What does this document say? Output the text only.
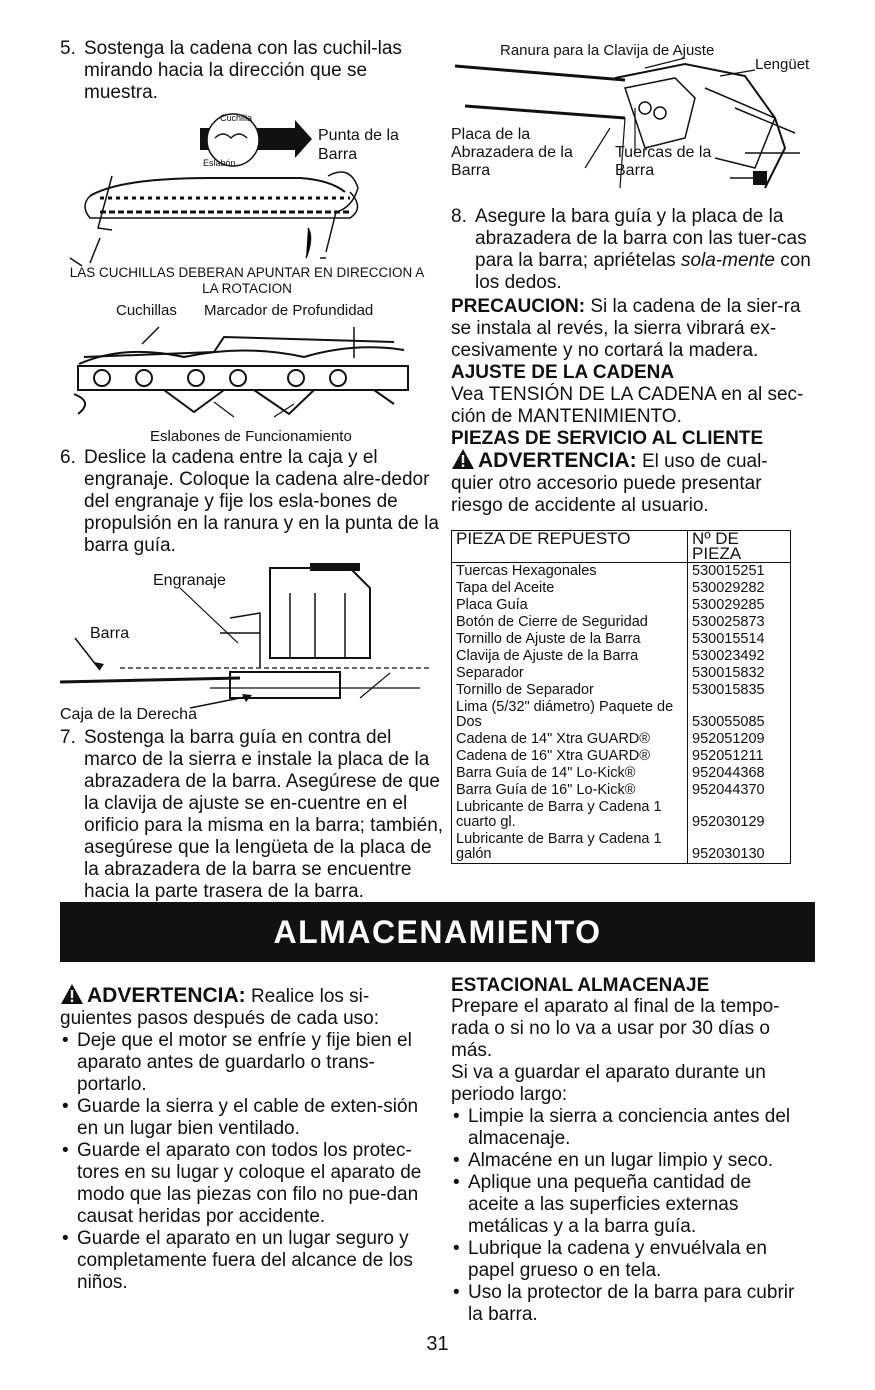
5. Sostenga la cadena con las cuchil-las mirando hacia la dirección que se muestra.
Cuchilla
Eslabón
Punta de la Barra
LAS CUCHILLAS DEBERAN APUNTAR EN DIRECCION A LA ROTACION
Cuchillas Marcador de Profundidad
Eslabones de Funcionamiento
6. Deslice la cadena entre la caja y el engranaje. Coloque la cadena alre-dedor del engranaje y fije los esla-bones de propulsión en la ranura y en la punta de la barra guía.
Engranaje
Barra
Caja de la Derecha
7. Sostenga la barra guía en contra del marco de la sierra e instale la placa de la abrazadera de la barra. Asegúrese de que la clavija de ajuste se en-cuentre en el orificio para la misma en la barra; también, asegúrese que la lengüeta de la placa de la abrazadera de la barra se encuentre hacia la parte trasera de la barra.
Ranura para la Clavija de Ajuste
Lengüet
Placa de la Abrazadera de la Barra
Tuercas de la Barra
8. Asegure la bara guía y la placa de la abrazadera de la barra con las tuer-cas para la barra; apriételas sola-mente con los dedos.
PRECAUCION: Si la cadena de la sier-ra se instala al revés, la sierra vibrará ex-cesivamente y no cortará la madera.
AJUSTE DE LA CADENA
Vea TENSIÓN DE LA CADENA en al sec-ción de MANTENIMIENTO.
PIEZAS DE SERVICIO AL CLIENTE
ADVERTENCIA: El uso de cual-quier otro accesorio puede presentar riesgo de accidente al usuario.
PIEZA DE REPUESTO	Nº DE PIEZA
Tuercas Hexagonales	530015251
Tapa del Aceite	530029282
Placa Guía	530029285
Botón de Cierre de Seguridad	530025873
Tornillo de Ajuste de la Barra	530015514
Clavija de Ajuste de la Barra	530023492
Separador	530015832
Tornillo de Separador	530015835
Lima (5/32" diámetro) Paquete de Dos	530055085
Cadena de 14" Xtra GUARD®	952051209
Cadena de 16" Xtra GUARD®	952051211
Barra Guía de 14" Lo-Kick®	952044368
Barra Guía de 16" Lo-Kick®	952044370
Lubricante de Barra y Cadena 1 cuarto gl.	952030129
Lubricante de Barra y Cadena 1 galón	952030130
ALMACENAMIENTO
ADVERTENCIA: Realice los si-guientes pasos después de cada uso:
• Deje que el motor se enfríe y fije bien el aparato antes de guardarlo o trans-portarlo.
• Guarde la sierra y el cable de exten-sión en un lugar bien ventilado.
• Guarde el aparato con todos los protec-tores en su lugar y coloque el aparato de modo que las piezas con filo no pue-dan causat heridas por accidente.
• Guarde el aparato en un lugar seguro y completamente fuera del alcance de los niños.
ESTACIONAL ALMACENAJE

Prepare el aparato al final de la tempo-rada o si no lo va a usar por 30 días o más.

Si va a guardar el aparato durante un periodo largo:

• Limpie la sierra a conciencia antes del almacenaje.
• Almacéne en un lugar limpio y seco.
• Aplique una pequeña cantidad de aceite a las superficies externas metálicas y a la barra guía.
• Lubrique la cadena y envuélvala en papel grueso o en tela.
• Uso la protector de la barra para cubrir la barra.
31
